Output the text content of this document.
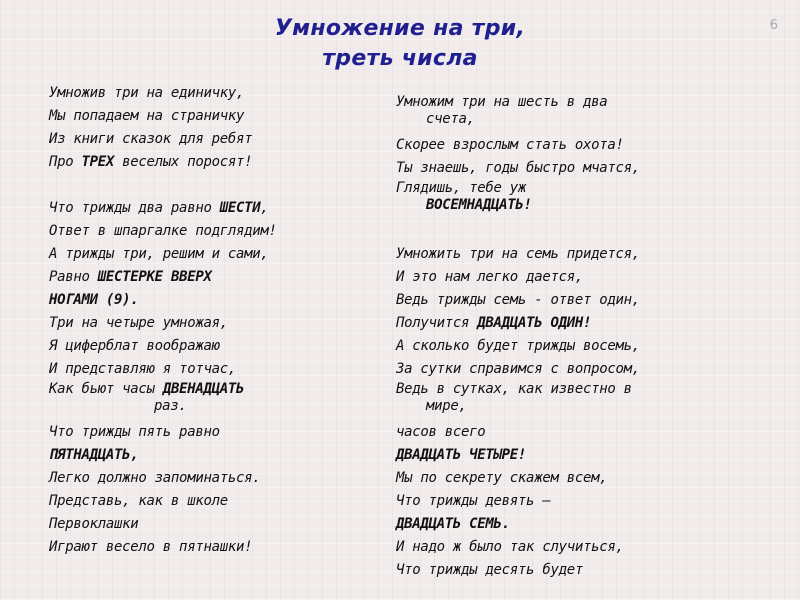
Умножение на три,
треть числа
6
Умножив три на единичку,
Мы попадаем на страничку
Из книги сказок для ребят
Про ТРЕХ веселых поросят!
Что трижды два равно ШЕСТИ,
Ответ в шпаргалке подглядим!
А трижды три, решим и сами,
Равно ШЕСТЕРКЕ ВВЕРХ
НОГАМИ (9).
Три на четыре умножая,
Я циферблат воображаю
И представляю я тотчас,
Как бьют часы ДВЕНАДЦАТЬ
раз.
Что трижды пять равно
ПЯТНАДЦАТЬ,
Легко должно запоминаться.
Представь, как в школе
Первоклашки
Играют весело в пятнашки!
Умножим три на шесть в два
счета,
Скорее взрослым стать охота!
Ты знаешь, годы быстро мчатся,
Глядишь, тебе уж
ВОСЕМНАДЦАТЬ!
Умножить три на семь придется,
И это нам легко дается,
Ведь трижды семь - ответ один,
Получится ДВАДЦАТЬ ОДИН!
А сколько будет трижды восемь,
За сутки справимся с вопросом,
Ведь в сутках, как известно в
мире,
часов всего
ДВАДЦАТЬ ЧЕТЫРЕ!
Мы по секрету скажем всем,
Что трижды девять –
ДВАДЦАТЬ СЕМЬ.
И надо ж было так случиться,
Что трижды десять будет
